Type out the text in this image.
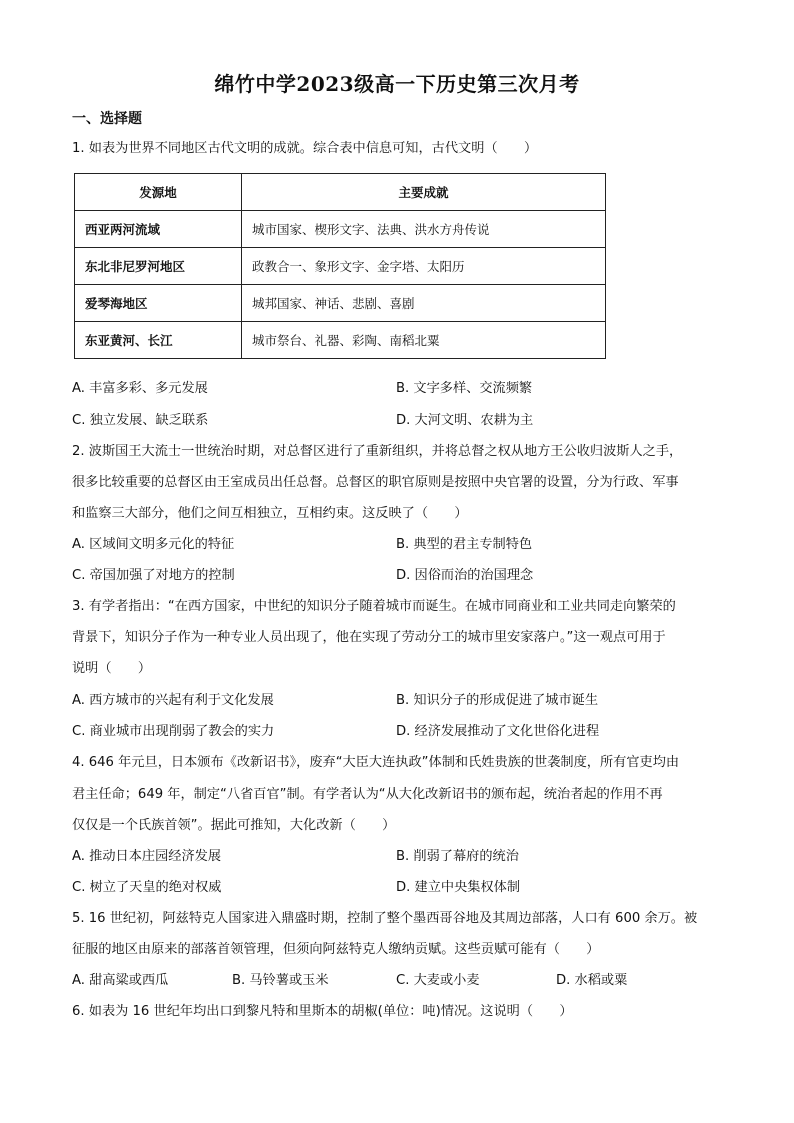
绵竹中学2023级高一下历史第三次月考
一、选择题
1. 如表为世界不同地区古代文明的成就。综合表中信息可知，古代文明（　　）
发源地	主要成就
西亚两河流域	城市国家、楔形文字、法典、洪水方舟传说
东北非尼罗河地区	政教合一、象形文字、金字塔、太阳历
爱琴海地区	城邦国家、神话、悲剧、喜剧
东亚黄河、长江	城市祭台、礼器、彩陶、南稻北粟
A. 丰富多彩、多元发展	B. 文字多样、交流频繁
C. 独立发展、缺乏联系	D. 大河文明、农耕为主
2. 波斯国王大流士一世统治时期，对总督区进行了重新组织，并将总督之权从地方王公收归波斯人之手，
很多比较重要的总督区由王室成员出任总督。总督区的职官原则是按照中央官署的设置，分为行政、军事
和监察三大部分，他们之间互相独立，互相约束。这反映了（　　）
A. 区域间文明多元化的特征	B. 典型的君主专制特色
C. 帝国加强了对地方的控制	D. 因俗而治的治国理念
3. 有学者指出：“在西方国家，中世纪的知识分子随着城市而诞生。在城市同商业和工业共同走向繁荣的
背景下，知识分子作为一种专业人员出现了，他在实现了劳动分工的城市里安家落户。”这一观点可用于
说明（　　）
A. 西方城市的兴起有利于文化发展	B. 知识分子的形成促进了城市诞生
C. 商业城市出现削弱了教会的实力	D. 经济发展推动了文化世俗化进程
4. 646 年元旦，日本颁布《改新诏书》，废弃“大臣大连执政”体制和氏姓贵族的世袭制度，所有官吏均由
君主任命；649 年，制定“八省百官”制。有学者认为“从大化改新诏书的颁布起，统治者起的作用不再
仅仅是一个氏族首领”。据此可推知，大化改新（　　）
A. 推动日本庄园经济发展	B. 削弱了幕府的统治
C. 树立了天皇的绝对权威	D. 建立中央集权体制
5. 16 世纪初，阿兹特克人国家进入鼎盛时期，控制了整个墨西哥谷地及其周边部落，人口有 600 余万。被
征服的地区由原来的部落首领管理，但须向阿兹特克人缴纳贡赋。这些贡赋可能有（　　）
A. 甜高粱或西瓜	B. 马铃薯或玉米	C. 大麦或小麦	D. 水稻或粟
6. 如表为 16 世纪年均出口到黎凡特和里斯本的胡椒(单位：吨)情况。这说明（　　）
